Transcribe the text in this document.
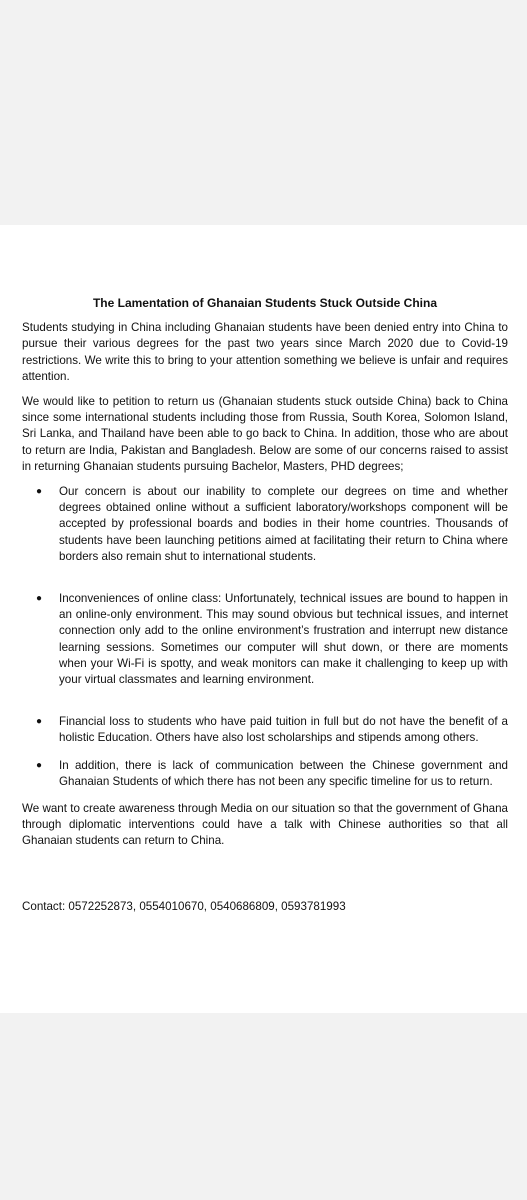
The Lamentation of Ghanaian Students Stuck Outside China

Students studying in China including Ghanaian students have been denied entry into China to pursue their various degrees for the past two years since March 2020 due to Covid-19 restrictions. We write this to bring to your attention something we believe is unfair and requires attention.

We would like to petition to return us (Ghanaian students stuck outside China) back to China since some international students including those from Russia, South Korea, Solomon Island, Sri Lanka, and Thailand have been able to go back to China. In addition, those who are about to return are India, Pakistan and Bangladesh. Below are some of our concerns raised to assist in returning Ghanaian students pursuing Bachelor, Masters, PHD degrees;

● Our concern is about our inability to complete our degrees on time and whether degrees obtained online without a sufficient laboratory/workshops component will be accepted by professional boards and bodies in their home countries. Thousands of students have been launching petitions aimed at facilitating their return to China where borders also remain shut to international students.
● Inconveniences of online class: Unfortunately, technical issues are bound to happen in an online-only environment. This may sound obvious but technical issues, and internet connection only add to the online environment’s frustration and interrupt new distance learning sessions. Sometimes our computer will shut down, or there are moments when your Wi-Fi is spotty, and weak monitors can make it challenging to keep up with your virtual classmates and learning environment.
● Financial loss to students who have paid tuition in full but do not have the benefit of a holistic Education. Others have also lost scholarships and stipends among others.
● In addition, there is lack of communication between the Chinese government and Ghanaian Students of which there has not been any specific timeline for us to return.

We want to create awareness through Media on our situation so that the government of Ghana through diplomatic interventions could have a talk with Chinese authorities so that all Ghanaian students can return to China.

Contact: 0572252873, 0554010670, 0540686809, 0593781993
